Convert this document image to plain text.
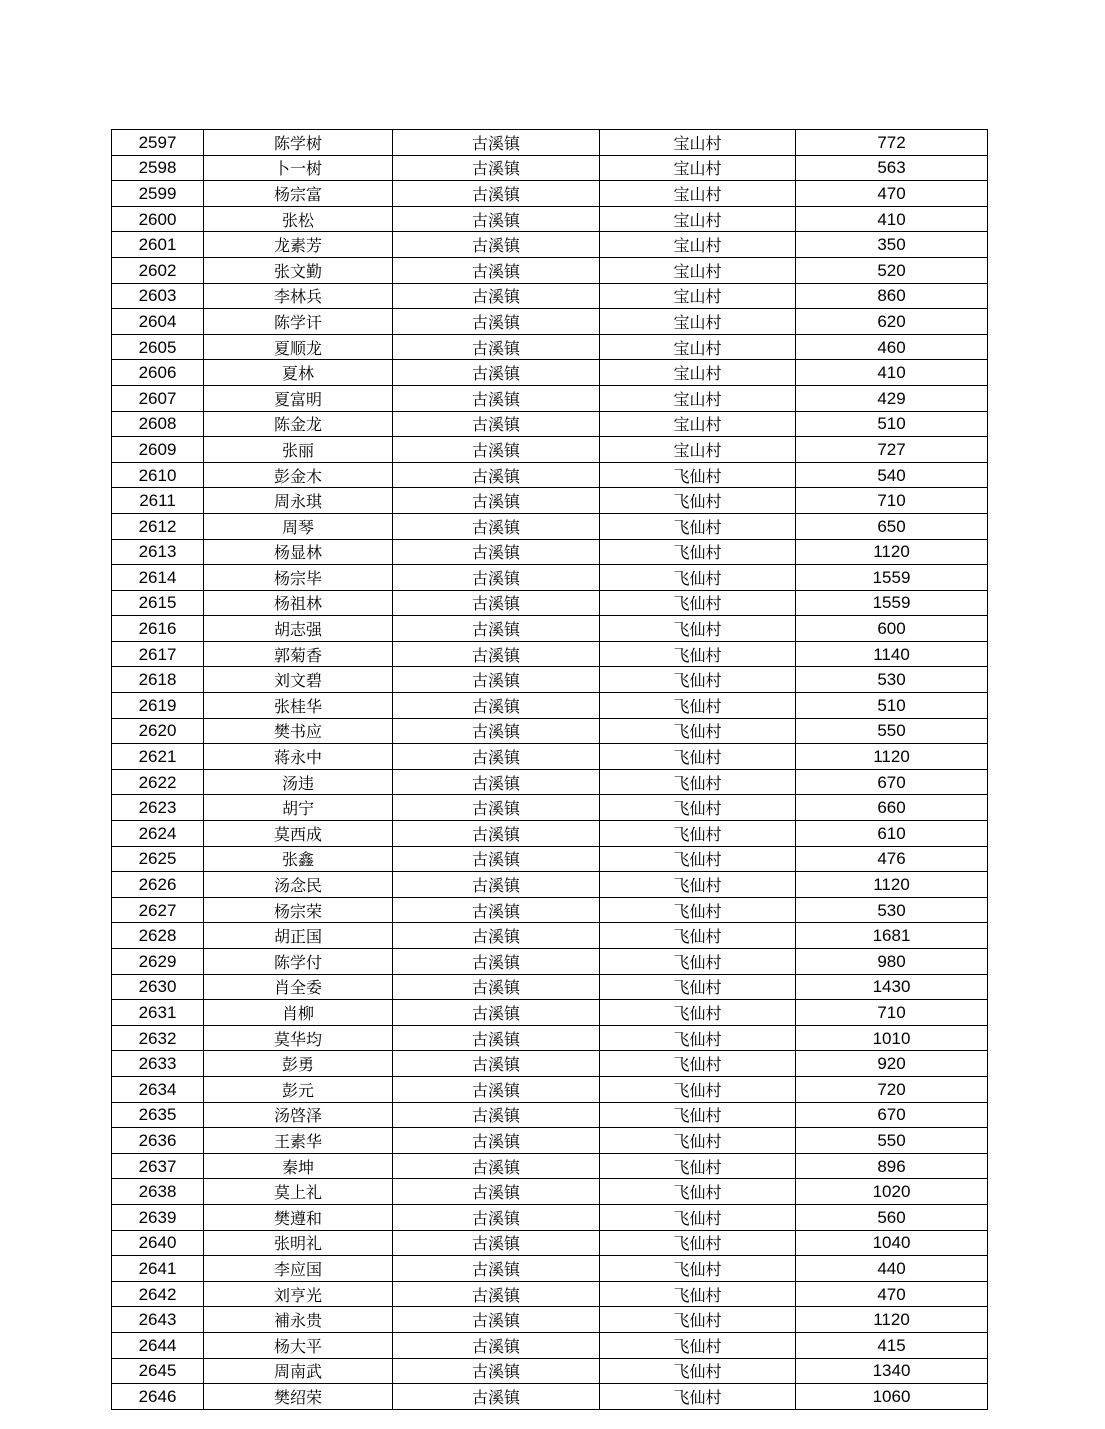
2597	陈学树	古溪镇	宝山村	772
2598	卜一树	古溪镇	宝山村	563
2599	杨宗富	古溪镇	宝山村	470
2600	张松	古溪镇	宝山村	410
2601	龙素芳	古溪镇	宝山村	350
2602	张文勤	古溪镇	宝山村	520
2603	李林兵	古溪镇	宝山村	860
2604	陈学讦	古溪镇	宝山村	620
2605	夏顺龙	古溪镇	宝山村	460
2606	夏林	古溪镇	宝山村	410
2607	夏富明	古溪镇	宝山村	429
2608	陈金龙	古溪镇	宝山村	510
2609	张丽	古溪镇	宝山村	727
2610	彭金木	古溪镇	飞仙村	540
2611	周永琪	古溪镇	飞仙村	710
2612	周琴	古溪镇	飞仙村	650
2613	杨显林	古溪镇	飞仙村	1120
2614	杨宗毕	古溪镇	飞仙村	1559
2615	杨祖林	古溪镇	飞仙村	1559
2616	胡志强	古溪镇	飞仙村	600
2617	郭菊香	古溪镇	飞仙村	1140
2618	刘文碧	古溪镇	飞仙村	530
2619	张桂华	古溪镇	飞仙村	510
2620	樊书应	古溪镇	飞仙村	550
2621	蒋永中	古溪镇	飞仙村	1120
2622	汤违	古溪镇	飞仙村	670
2623	胡宁	古溪镇	飞仙村	660
2624	莫西成	古溪镇	飞仙村	610
2625	张鑫	古溪镇	飞仙村	476
2626	汤念民	古溪镇	飞仙村	1120
2627	杨宗荣	古溪镇	飞仙村	530
2628	胡正国	古溪镇	飞仙村	1681
2629	陈学付	古溪镇	飞仙村	980
2630	肖全委	古溪镇	飞仙村	1430
2631	肖柳	古溪镇	飞仙村	710
2632	莫华均	古溪镇	飞仙村	1010
2633	彭勇	古溪镇	飞仙村	920
2634	彭元	古溪镇	飞仙村	720
2635	汤啓泽	古溪镇	飞仙村	670
2636	王素华	古溪镇	飞仙村	550
2637	秦坤	古溪镇	飞仙村	896
2638	莫上礼	古溪镇	飞仙村	1020
2639	樊遵和	古溪镇	飞仙村	560
2640	张明礼	古溪镇	飞仙村	1040
2641	李应国	古溪镇	飞仙村	440
2642	刘亨光	古溪镇	飞仙村	470
2643	補永贵	古溪镇	飞仙村	1120
2644	杨大平	古溪镇	飞仙村	415
2645	周南武	古溪镇	飞仙村	1340
2646	樊绍荣	古溪镇	飞仙村	1060
